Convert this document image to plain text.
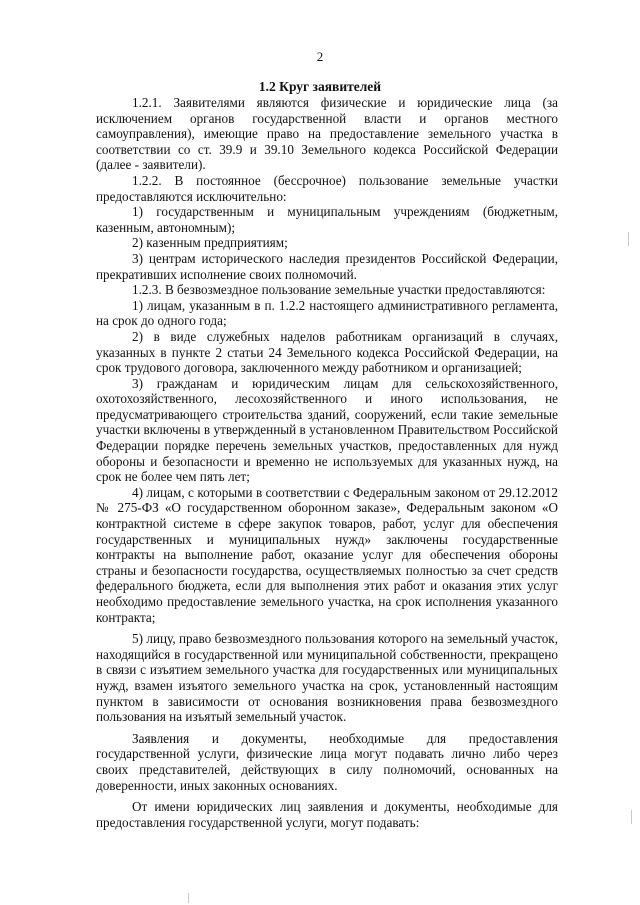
2
1.2 Круг заявителей

1.2.1. Заявителями являются физические и юридические лица (за исключением органов государственной власти и органов местного самоуправления), имеющие право на предоставление земельного участка в соответствии со ст. 39.9 и 39.10 Земельного кодекса Российской Федерации (далее - заявители).

1.2.2. В постоянное (бессрочное) пользование земельные участки предоставляются исключительно:

1) государственным и муниципальным учреждениям (бюджетным, казенным, автономным);

2) казенным предприятиям;

3) центрам исторического наследия президентов Российской Федерации, прекративших исполнение своих полномочий.

1.2.3. В безвозмездное пользование земельные участки предоставляются:

1) лицам, указанным в п. 1.2.2 настоящего административного регламента, на срок до одного года;

2) в виде служебных наделов работникам организаций в случаях, указанных в пункте 2 статьи 24 Земельного кодекса Российской Федерации, на срок трудового договора, заключенного между работником и организацией;

3) гражданам и юридическим лицам для сельскохозяйственного, охотохозяйственного, лесохозяйственного и иного использования, не предусматривающего строительства зданий, сооружений, если такие земельные участки включены в утвержденный в установленном Правительством Российской Федерации порядке перечень земельных участков, предоставленных для нужд обороны и безопасности и временно не используемых для указанных нужд, на срок не более чем пять лет;

4) лицам, с которыми в соответствии с Федеральным законом от 29.12.2012 № 275-ФЗ «О государственном оборонном заказе», Федеральным законом «О контрактной системе в сфере закупок товаров, работ, услуг для обеспечения государственных и муниципальных нужд» заключены государственные контракты на выполнение работ, оказание услуг для обеспечения обороны страны и безопасности государства, осуществляемых полностью за счет средств федерального бюджета, если для выполнения этих работ и оказания этих услуг необходимо предоставление земельного участка, на срок исполнения указанного контракта;

5) лицу, право безвозмездного пользования которого на земельный участок, находящийся в государственной или муниципальной собственности, прекращено в связи с изъятием земельного участка для государственных или муниципальных нужд, взамен изъятого земельного участка на срок, установленный настоящим пунктом в зависимости от основания возникновения права безвозмездного пользования на изъятый земельный участок.

Заявления и документы, необходимые для предоставления государственной услуги, физические лица могут подавать лично либо через своих представителей, действующих в силу полномочий, основанных на доверенности, иных законных основаниях.

От имени юридических лиц заявления и документы, необходимые для предоставления государственной услуги, могут подавать:
